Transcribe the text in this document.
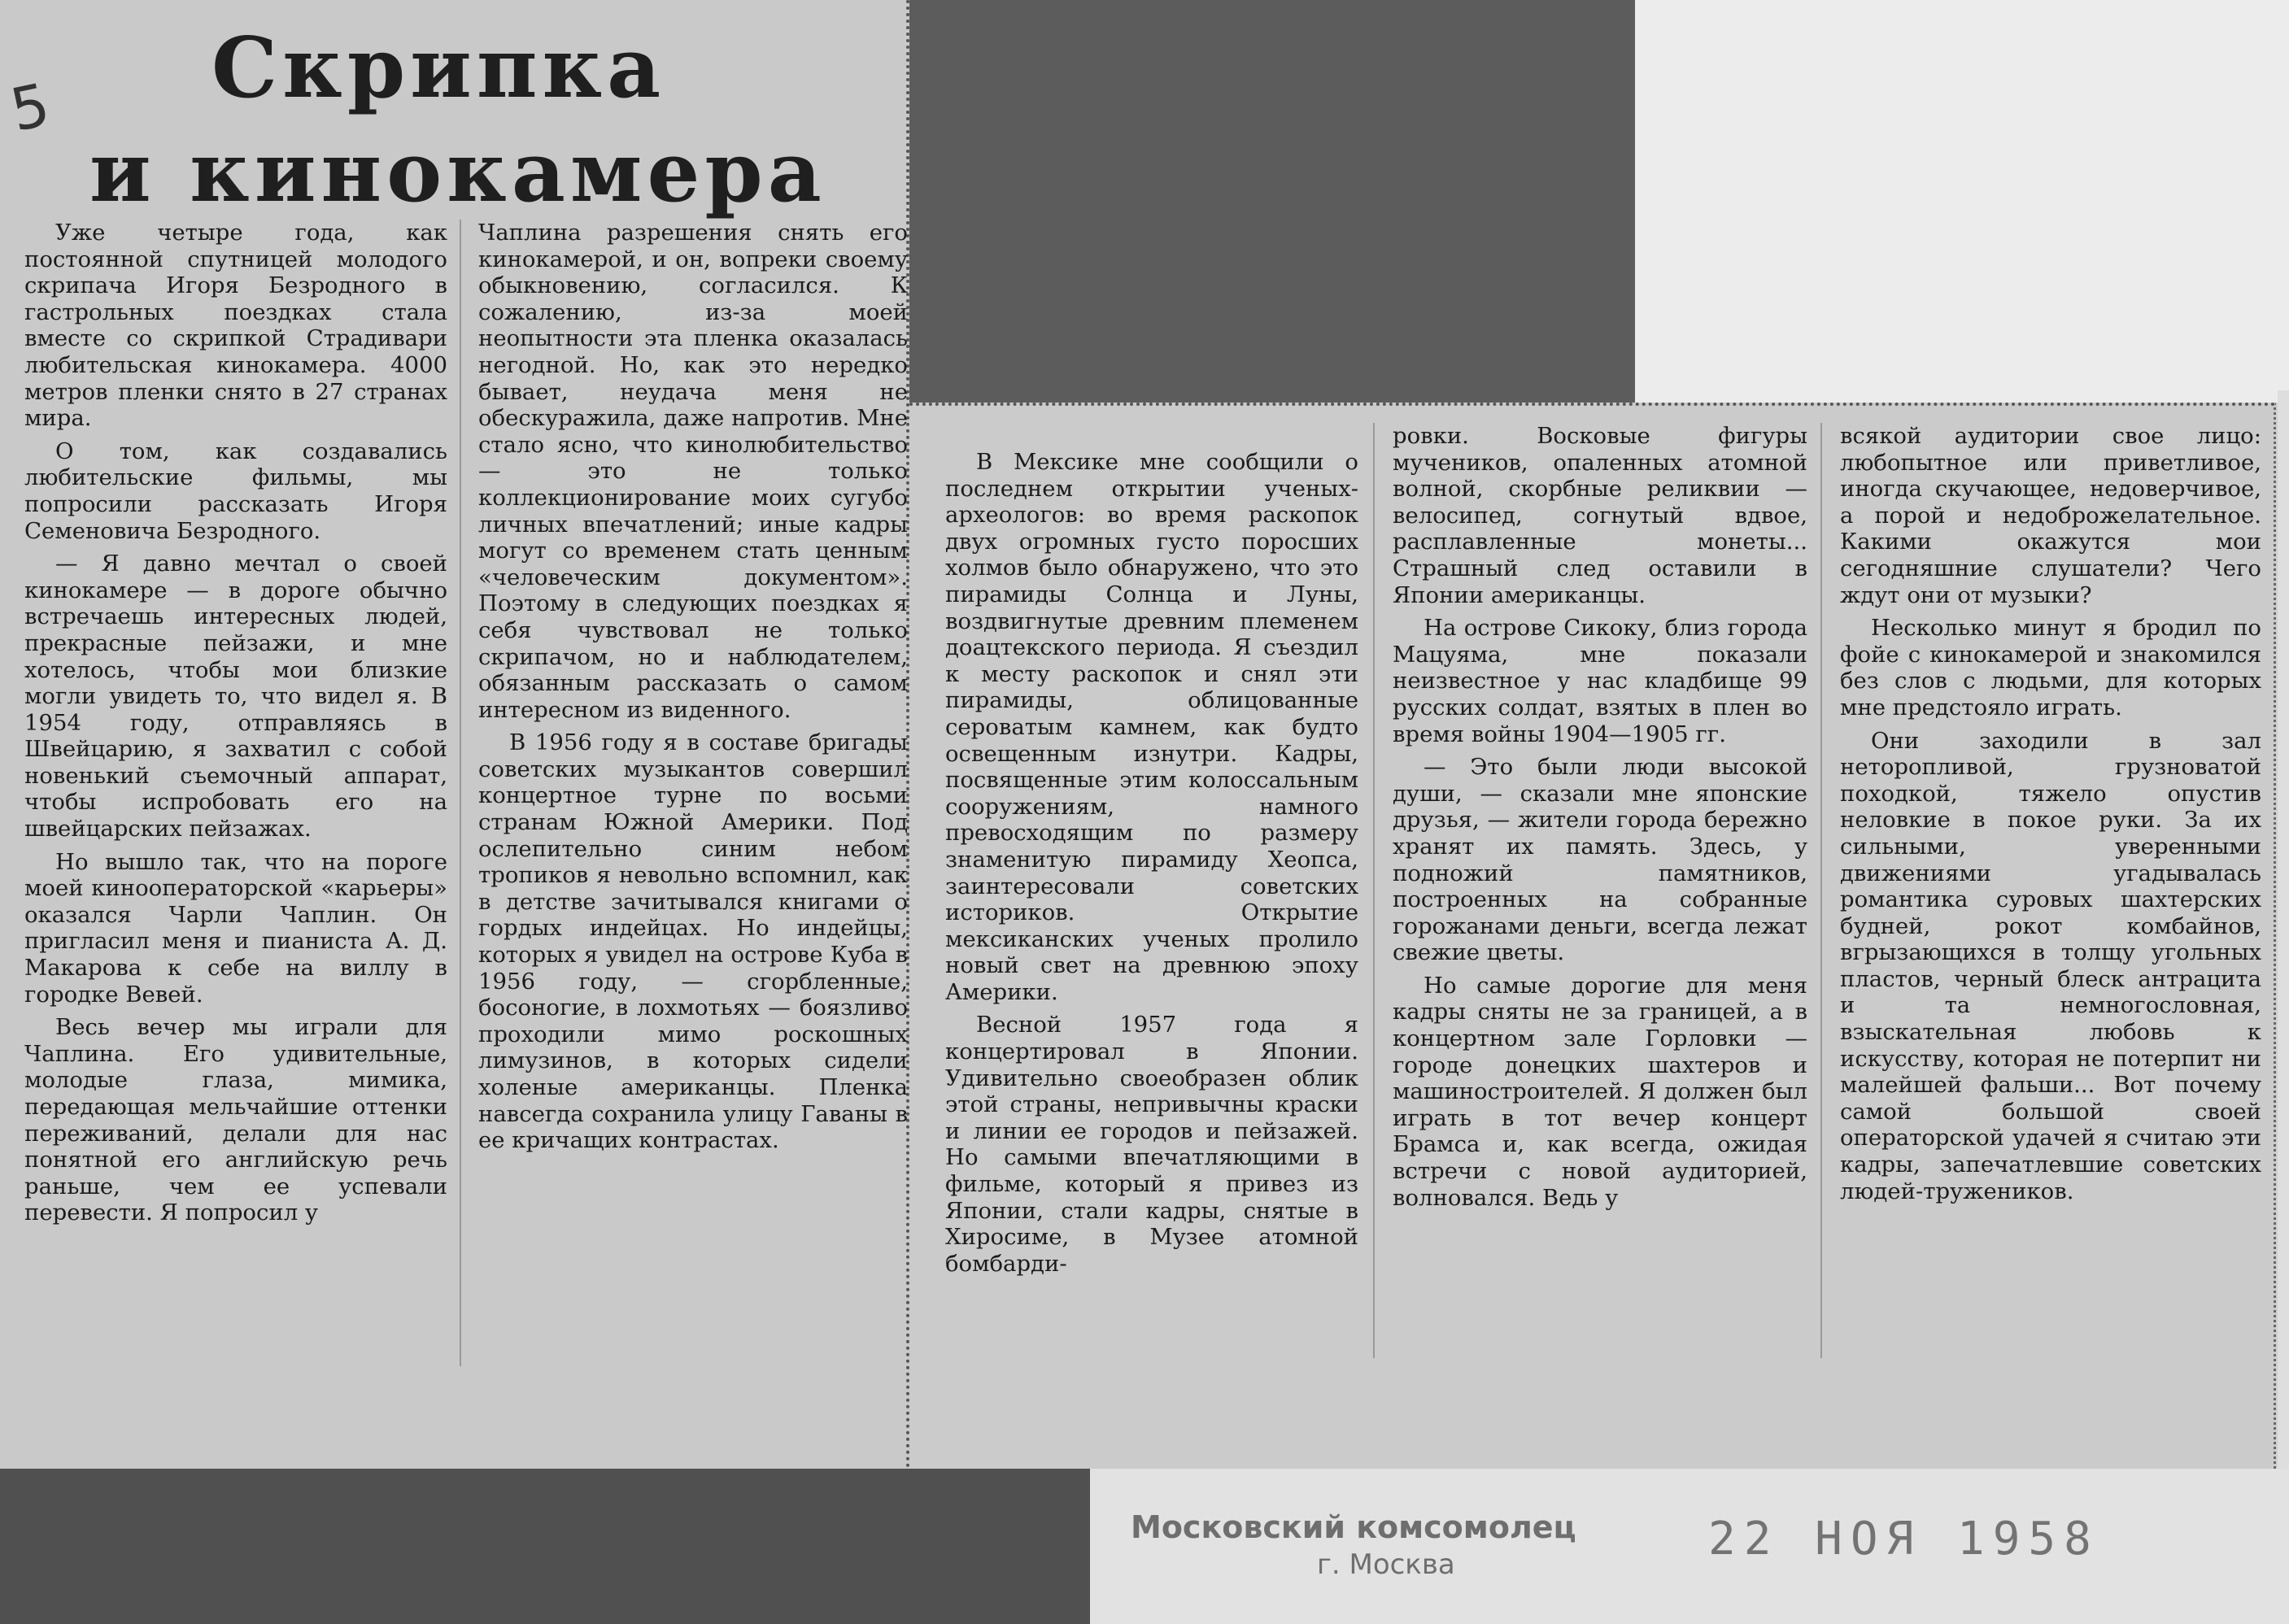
5	Скрипка
и кинокамера

Уже четыре года, как постоянной спутницей молодого скрипача Игоря Безродного в гастрольных поездках стала вместе со скрипкой Страдивари любительская кинокамера. 4000 метров пленки снято в 27 странах мира.

О том, как создавались любительские фильмы, мы попросили рассказать Игоря Семеновича Безродного.

— Я давно мечтал о своей кинокамере — в дороге обычно встречаешь интересных людей, прекрасные пейзажи, и мне хотелось, чтобы мои близкие могли увидеть то, что видел я. В 1954 году, отправляясь в Швейцарию, я захватил с собой новенький съемочный аппарат, чтобы испробовать его на швейцарских пейзажах.

Но вышло так, что на пороге моей кинооператорской «карьеры» оказался Чарли Чаплин. Он пригласил меня и пианиста А. Д. Макарова к себе на виллу в городке Вевей.

Весь вечер мы играли для Чаплина. Его удивительные, молодые глаза, мимика, передающая мельчайшие оттенки переживаний, делали для нас понятной его английскую речь раньше, чем ее успевали перевести. Я попросил у

Чаплина разрешения снять его кинокамерой, и он, вопреки своему обыкновению, согласился. К сожалению, из-за моей неопытности эта пленка оказалась негодной. Но, как это нередко бывает, неудача меня не обескуражила, даже напротив. Мне стало ясно, что кинолюбительство — это не только коллекционирование моих сугубо личных впечатлений; иные кадры могут со временем стать ценным «человеческим документом». Поэтому в следующих поездках я себя чувствовал не только скрипачом, но и наблюдателем, обязанным рассказать о самом интересном из виденного.

В 1956 году я в составе бригады советских музыкантов совершил концертное турне по восьми странам Южной Америки. Под ослепительно синим небом тропиков я невольно вспомнил, как в детстве зачитывался книгами о гордых индейцах. Но индейцы, которых я увидел на острове Куба в 1956 году, — сгорбленные, босоногие, в лохмотьях — боязливо проходили мимо роскошных лимузинов, в которых сидели холеные американцы. Пленка навсегда сохранила улицу Гаваны в ее кричащих контрастах.

В Мексике мне сообщили о последнем открытии ученых-археологов: во время раскопок двух огромных густо поросших холмов было обнаружено, что это пирамиды Солнца и Луны, воздвигнутые древним племенем доацтекского периода. Я съездил к месту раскопок и снял эти пирамиды, облицованные сероватым камнем, как будто освещенным изнутри. Кадры, посвященные этим колоссальным сооружениям, намного превосходящим по размеру знаменитую пирамиду Хеопса, заинтересовали советских историков. Открытие мексиканских ученых пролило новый свет на древнюю эпоху Америки.

Весной 1957 года я концертировал в Японии. Удивительно своеобразен облик этой страны, непривычны краски и линии ее городов и пейзажей. Но самыми впечатляющими в фильме, который я привез из Японии, стали кадры, снятые в Хиросиме, в Музее атомной бомбарди-

ровки. Восковые фигуры мучеников, опаленных атомной волной, скорбные реликвии — велосипед, согнутый вдвое, расплавленные монеты... Страшный след оставили в Японии американцы.

На острове Сикоку, близ города Мацуяма, мне показали неизвестное у нас кладбище 99 русских солдат, взятых в плен во время войны 1904—1905 гг.

— Это были люди высокой души, — сказали мне японские друзья, — жители города бережно хранят их память. Здесь, у подножий памятников, построенных на собранные горожанами деньги, всегда лежат свежие цветы.

Но самые дорогие для меня кадры сняты не за границей, а в концертном зале Горловки — городе донецких шахтеров и машиностроителей. Я должен был играть в тот вечер концерт Брамса и, как всегда, ожидая встречи с новой аудиторией, волновался. Ведь у

всякой аудитории свое лицо: любопытное или приветливое, иногда скучающее, недоверчивое, а порой и недоброжелательное. Какими окажутся мои сегодняшние слушатели? Чего ждут они от музыки?

Несколько минут я бродил по фойе с кинокамерой и знакомился без слов с людьми, для которых мне предстояло играть.

Они заходили в зал неторопливой, грузноватой походкой, тяжело опустив неловкие в покое руки. За их сильными, уверенными движениями угадывалась романтика суровых шахтерских будней, рокот комбайнов, вгрызающихся в толщу угольных пластов, черный блеск антрацита и та немногословная, взыскательная любовь к искусству, которая не потерпит ни малейшей фальши... Вот почему самой большой своей операторской удачей я считаю эти кадры, запечатлевшие советских людей-тружеников.

Московский комсомолец
г. Москва	22 НОЯ 1958
